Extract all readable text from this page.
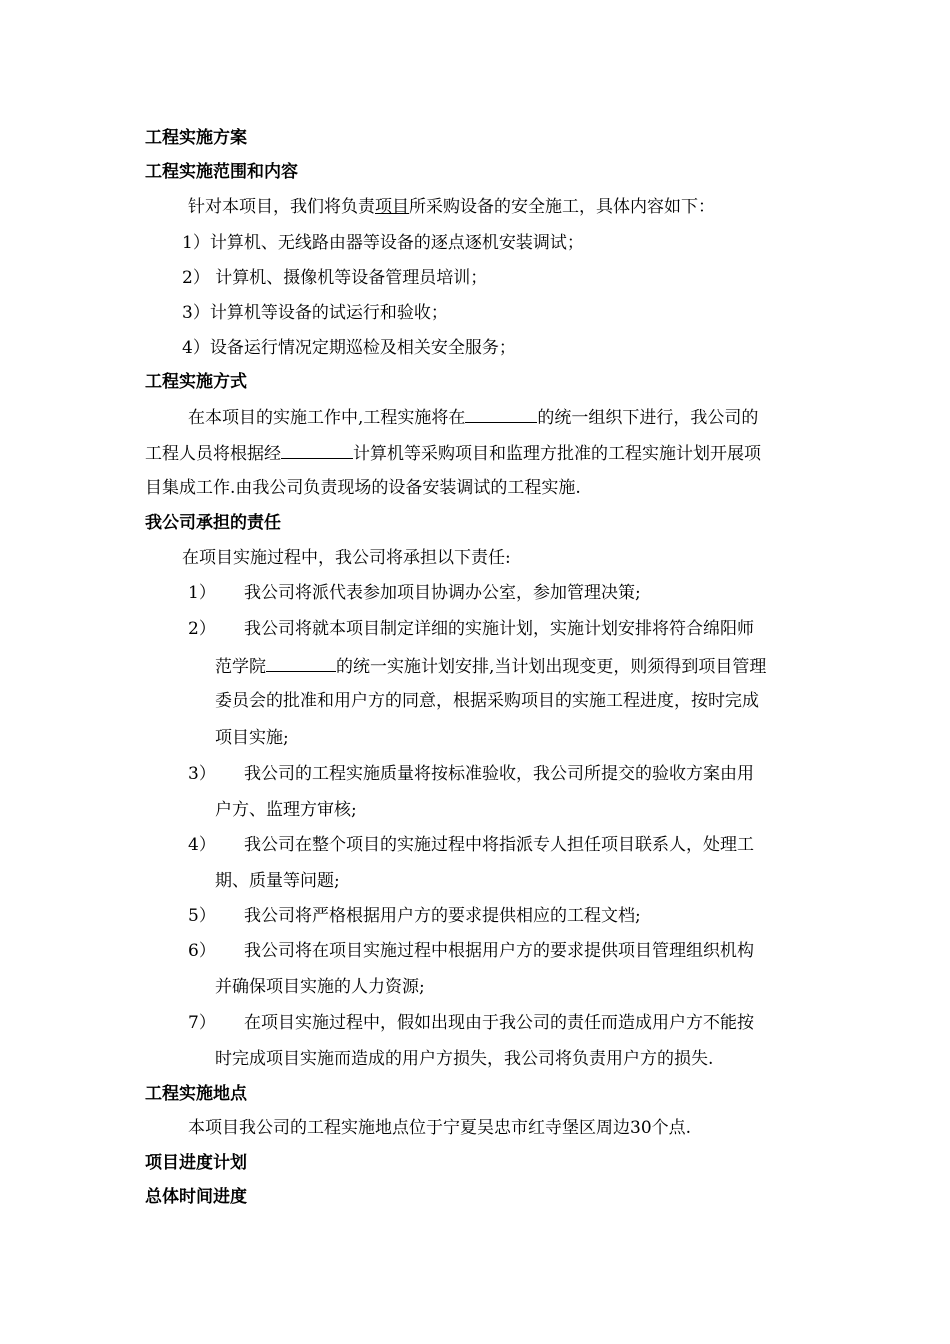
工程实施方案
工程实施范围和内容
针对本项目，我们将负责项目所采购设备的安全施工，具体内容如下：
1）计算机、无线路由器等设备的逐点逐机安装调试；
2） 计算机、摄像机等设备管理员培训；
3）计算机等设备的试运行和验收；
4）设备运行情况定期巡检及相关安全服务；
工程实施方式
在本项目的实施工作中,工程实施将在	的统一组织下进行，我公司的
工程人员将根据经	计算机等采购项目和监理方批准的工程实施计划开展项
目集成工作.由我公司负责现场的设备安装调试的工程实施.
我公司承担的责任
在项目实施过程中，我公司将承担以下责任:
1） 我公司将派代表参加项目协调办公室，参加管理决策;
2） 我公司将就本项目制定详细的实施计划，实施计划安排将符合绵阳师
范学院	的统一实施计划安排,当计划出现变更，则须得到项目管理
委员会的批准和用户方的同意，根据采购项目的实施工程进度，按时完成
项目实施;
3） 我公司的工程实施质量将按标准验收，我公司所提交的验收方案由用
户方、监理方审核;
4） 我公司在整个项目的实施过程中将指派专人担任项目联系人，处理工
期、质量等问题;
5） 我公司将严格根据用户方的要求提供相应的工程文档;
6） 我公司将在项目实施过程中根据用户方的要求提供项目管理组织机构
并确保项目实施的人力资源;
7） 在项目实施过程中，假如出现由于我公司的责任而造成用户方不能按
时完成项目实施而造成的用户方损失，我公司将负责用户方的损失.
工程实施地点
本项目我公司的工程实施地点位于宁夏吴忠市红寺堡区周边30个点.
项目进度计划
总体时间进度
